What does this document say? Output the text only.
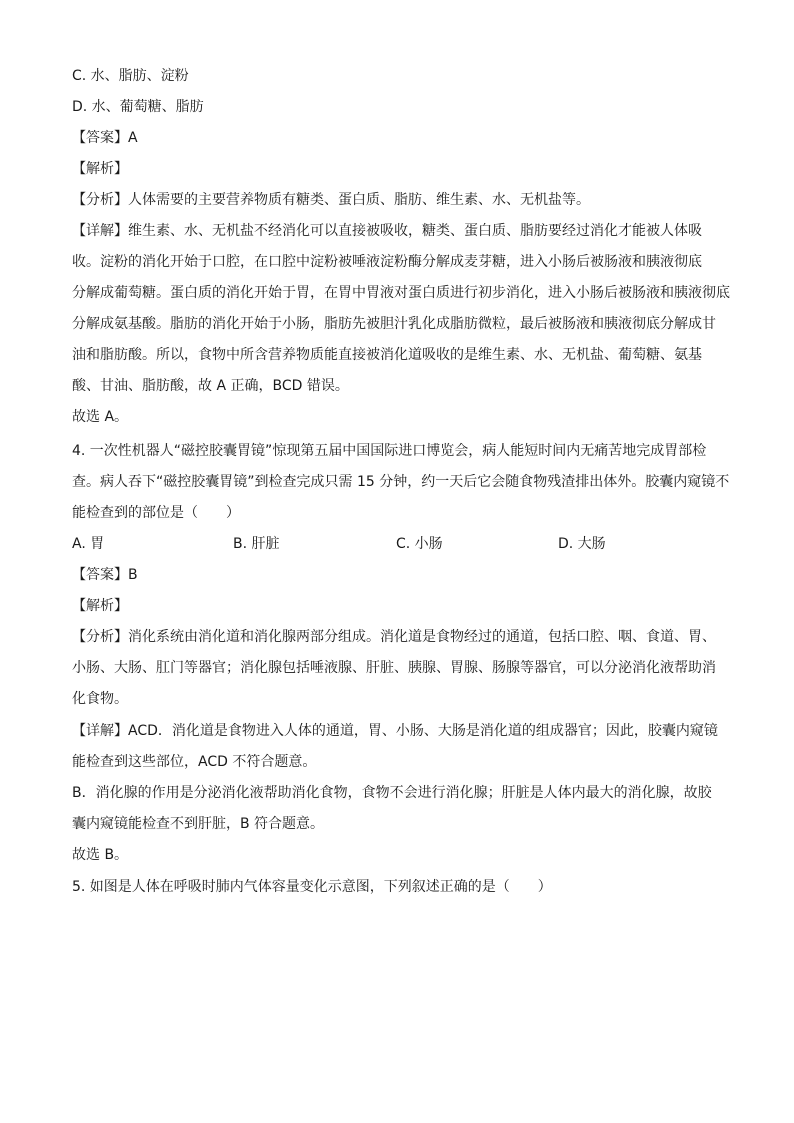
C. 水、脂肪、淀粉
D. 水、葡萄糖、脂肪
【答案】A
【解析】
【分析】人体需要的主要营养物质有糖类、蛋白质、脂肪、维生素、水、无机盐等。
【详解】维生素、水、无机盐不经消化可以直接被吸收，糖类、蛋白质、脂肪要经过消化才能被人体吸
收。淀粉的消化开始于口腔，在口腔中淀粉被唾液淀粉酶分解成麦芽糖，进入小肠后被肠液和胰液彻底
分解成葡萄糖。蛋白质的消化开始于胃，在胃中胃液对蛋白质进行初步消化，进入小肠后被肠液和胰液彻底
分解成氨基酸。脂肪的消化开始于小肠，脂肪先被胆汁乳化成脂肪微粒，最后被肠液和胰液彻底分解成甘
油和脂肪酸。所以，食物中所含营养物质能直接被消化道吸收的是维生素、水、无机盐、葡萄糖、氨基
酸、甘油、脂肪酸，故 A 正确，BCD 错误。
故选 A。
4. 一次性机器人“磁控胶囊胃镜”惊现第五届中国国际进口博览会，病人能短时间内无痛苦地完成胃部检
查。病人吞下“磁控胶囊胃镜”到检查完成只需 15 分钟，约一天后它会随食物残渣排出体外。胶囊内窥镜不
能检查到的部位是（　　）
A. 胃	B. 肝脏	C. 小肠	D. 大肠
【答案】B
【解析】
【分析】消化系统由消化道和消化腺两部分组成。消化道是食物经过的通道，包括口腔、咽、食道、胃、
小肠、大肠、肛门等器官；消化腺包括唾液腺、肝脏、胰腺、胃腺、肠腺等器官，可以分泌消化液帮助消
化食物。
【详解】ACD．消化道是食物进入人体的通道，胃、小肠、大肠是消化道的组成器官；因此，胶囊内窥镜
能检查到这些部位，ACD 不符合题意。
B．消化腺的作用是分泌消化液帮助消化食物，食物不会进行消化腺；肝脏是人体内最大的消化腺，故胶
囊内窥镜能检查不到肝脏，B 符合题意。
故选 B。
5. 如图是人体在呼吸时肺内气体容量变化示意图，下列叙述正确的是（　　）
